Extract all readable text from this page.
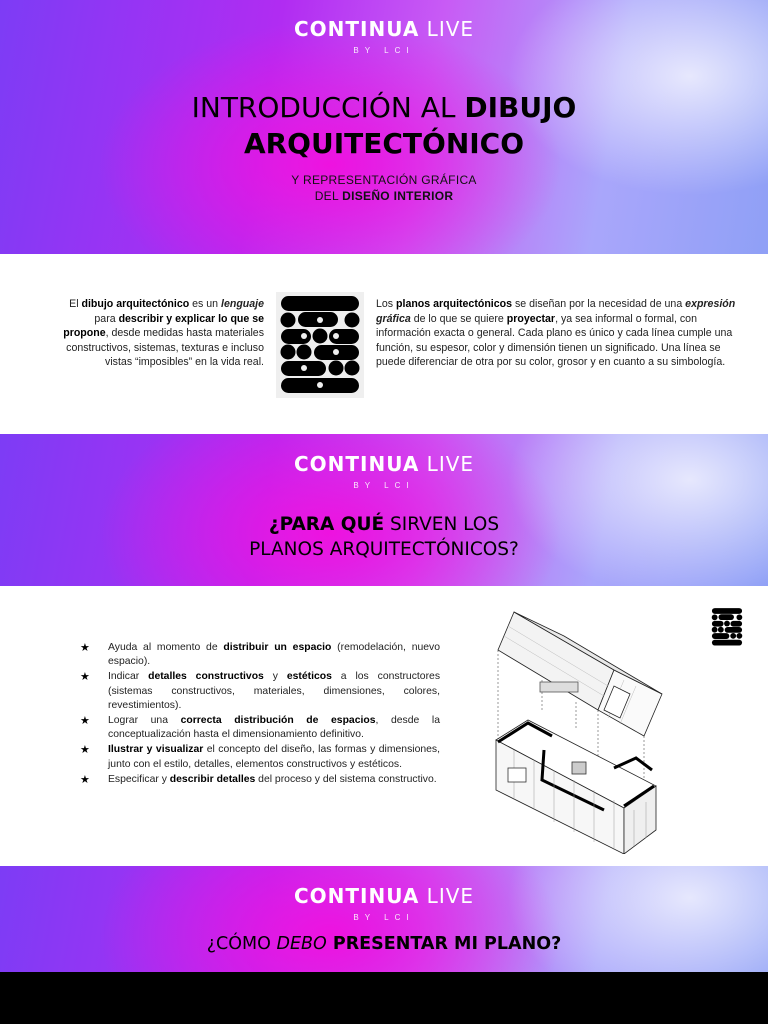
CONTINUA LIVE
BY LCI
INTRODUCCIÓN AL DIBUJO
ARQUITECTÓNICO
Y REPRESENTACIÓN GRÁFICA
DEL DISEÑO INTERIOR
El dibujo arquitectónico es un lenguaje para describir y explicar lo que se propone, desde medidas hasta materiales constructivos, sistemas, texturas e incluso vistas “imposibles” en la vida real.
Los planos arquitectónicos se diseñan por la necesidad de una expresión gráfica de lo que se quiere proyectar, ya sea informal o formal, con información exacta o general. Cada plano es único y cada línea cumple una función, su espesor, color y dimensión tienen un significado. Una línea se puede diferenciar de otra por su color, grosor y en cuanto a su simbología.
CONTINUA LIVE
BY LCI
¿PARA QUÉ SIRVEN LOS
PLANOS ARQUITECTÓNICOS?
★ Ayuda al momento de distribuir un espacio (remodelación, nuevo espacio).
★ Indicar detalles constructivos y estéticos a los constructores (sistemas constructivos, materiales, dimensiones, colores, revestimientos).
★ Lograr una correcta distribución de espacios, desde la conceptualización hasta el dimensionamiento definitivo.
★ Ilustrar y visualizar el concepto del diseño, las formas y dimensiones, junto con el estilo, detalles, elementos constructivos y estéticos.
★ Especificar y describir detalles del proceso y del sistema constructivo.
CONTINUA LIVE
BY LCI
¿CÓMO DEBO PRESENTAR MI PLANO?
